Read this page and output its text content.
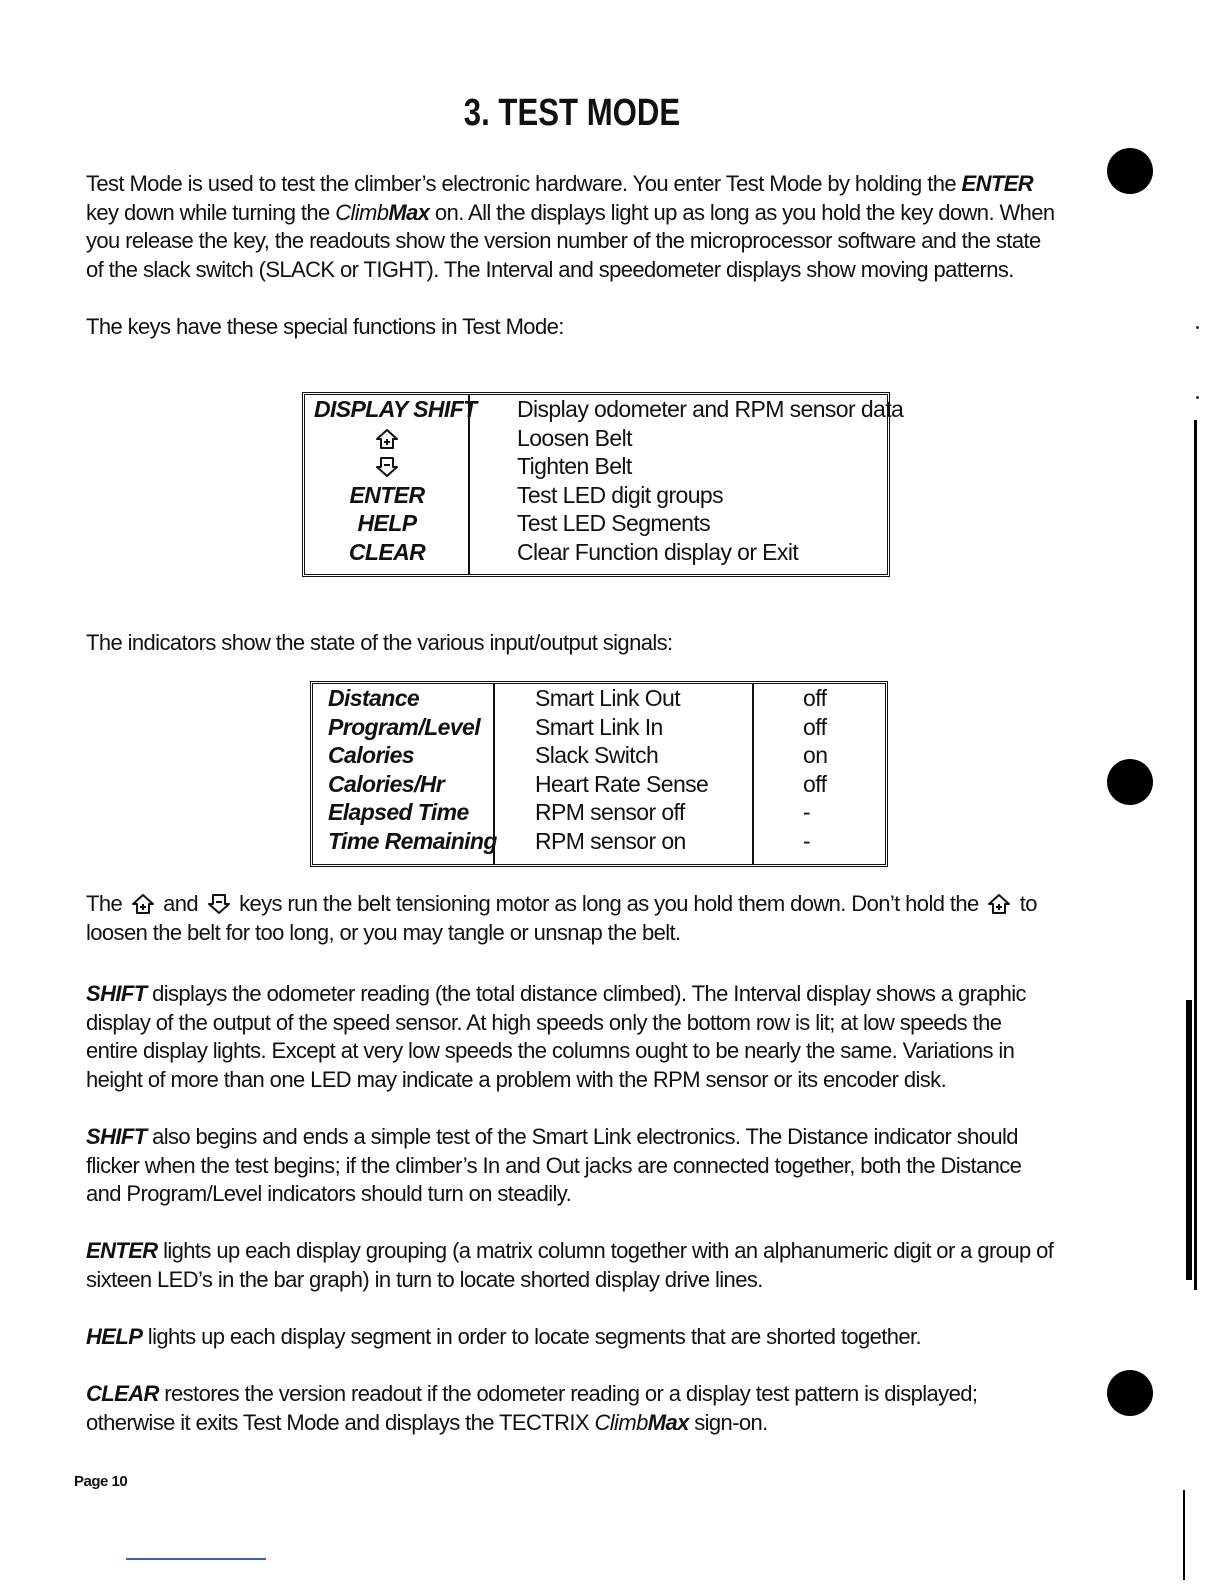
3. TEST MODE

Test Mode is used to test the climber’s electronic hardware. You enter Test Mode by holding the ENTER key down while turning the ClimbMax on. All the displays light up as long as you hold the key down. When you release the key, the readouts show the version number of the microprocessor software and the state of the slack switch (SLACK or TIGHT). The Interval and speedometer displays show moving patterns.

The keys have these special functions in Test Mode:

DISPLAY SHIFT
ENTER
HELP
CLEAR
Display odometer and RPM sensor data
Loosen Belt
Tighten Belt
Test LED digit groups
Test LED Segments
Clear Function display or Exit

The indicators show the state of the various input/output signals:

Distance
Program/Level
Calories
Calories/Hr
Elapsed Time
Time Remaining
Smart Link Out
Smart Link In
Slack Switch
Heart Rate Sense
RPM sensor off
RPM sensor on
off
off
on
off
-
-

The and keys run the belt tensioning motor as long as you hold them down. Don’t hold the to loosen the belt for too long, or you may tangle or unsnap the belt.

SHIFT displays the odometer reading (the total distance climbed). The Interval display shows a graphic display of the output of the speed sensor. At high speeds only the bottom row is lit; at low speeds the entire display lights. Except at very low speeds the columns ought to be nearly the same. Variations in height of more than one LED may indicate a problem with the RPM sensor or its encoder disk.

SHIFT also begins and ends a simple test of the Smart Link electronics. The Distance indicator should flicker when the test begins; if the climber’s In and Out jacks are connected together, both the Distance and Program/Level indicators should turn on steadily.

ENTER lights up each display grouping (a matrix column together with an alphanumeric digit or a group of sixteen LED’s in the bar graph) in turn to locate shorted display drive lines.

HELP lights up each display segment in order to locate segments that are shorted together.

CLEAR restores the version readout if the odometer reading or a display test pattern is displayed; otherwise it exits Test Mode and displays the TECTRIX ClimbMax sign-on.

Page 10
